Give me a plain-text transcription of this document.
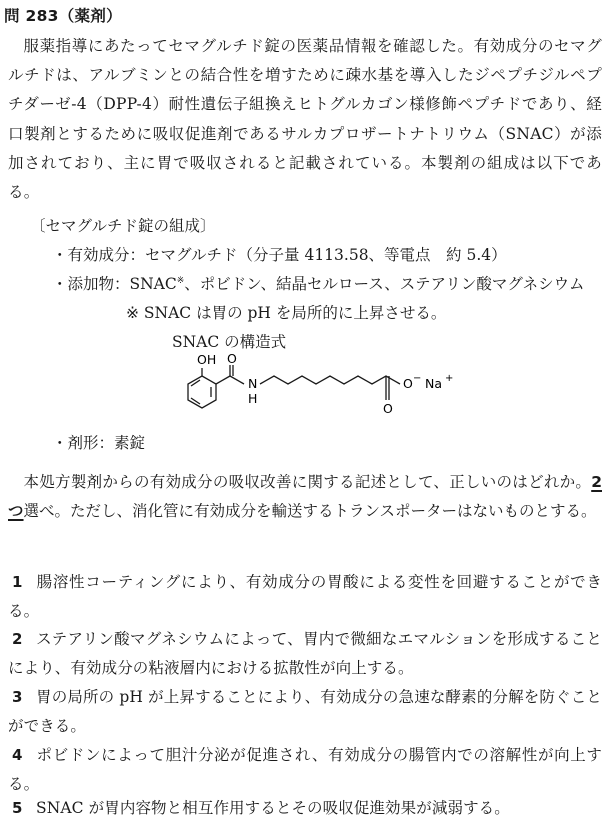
問 283（薬剤）

服薬指導にあたってセマグルチド錠の医薬品情報を確認した。有効成分のセマグルチドは、アルブミンとの結合性を増すために疎水基を導入したジペプチジルペプチダーゼ-4（DPP-4）耐性遺伝子組換えヒトグルカゴン様修飾ペプチドであり、経口製剤とするために吸収促進剤であるサルカプロザートナトリウム（SNAC）が添加されており、主に胃で吸収されると記載されている。本製剤の組成は以下である。

〔セマグルチド錠の組成〕
・有効成分：セマグルチド（分子量 4113.58、等電点　約 5.4）
・添加物：SNAC※、ポビドン、結晶セルロース、ステアリン酸マグネシウム
※ SNAC は胃の pH を局所的に上昇させる。
SNAC の構造式
OH O
N
H
O − Na +
O
・剤形：素錠

本処方製剤からの有効成分の吸収改善に関する記述として、正しいのはどれか。2つ選べ。ただし、消化管に有効成分を輸送するトランスポーターはないものとする。

1 腸溶性コーティングにより、有効成分の胃酸による変性を回避することができる。

2 ステアリン酸マグネシウムによって、胃内で微細なエマルションを形成することにより、有効成分の粘液層内における拡散性が向上する。

3 胃の局所の pH が上昇することにより、有効成分の急速な酵素的分解を防ぐことができる。

4 ポビドンによって胆汁分泌が促進され、有効成分の腸管内での溶解性が向上する。

5 SNAC が胃内容物と相互作用するとその吸収促進効果が減弱する。
